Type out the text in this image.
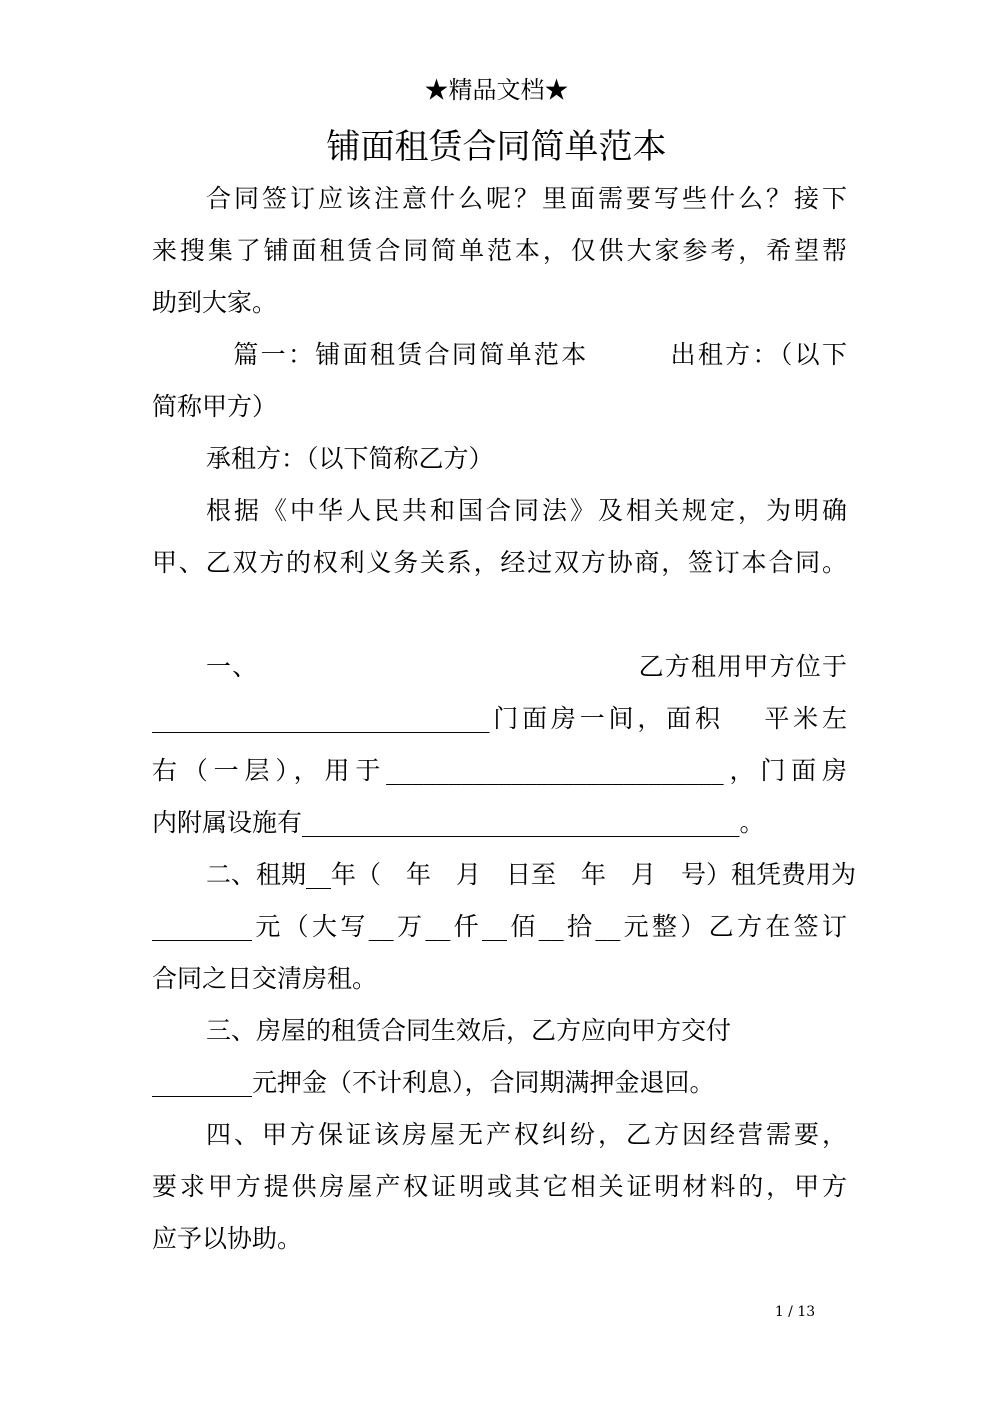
★精品文档★
铺面租赁合同简单范本
合同签订应该注意什么呢？里面需要写些什么？接下
来搜集了铺面租赁合同简单范本，仅供大家参考，希望帮
助到大家。
　篇一：铺面租赁合同简单范本　　　出租方：（以下
简称甲方）
承租方：（以下简称乙方）
根据《中华人民共和国合同法》及相关规定，为明确
甲、乙双方的权利义务关系，经过双方协商，签订本合同。
一、　　　　　　　　　　　　　　　乙方租用甲方位于
___________________________门面房一间，面积　 平米左
右（一层），用于___________________________，门面房
内附属设施有___________________________________。
二、租期__年（　年　月　日至　年　月　号）租凭费用为
________元（大写__万__仟__佰__拾__元整）乙方在签订
合同之日交清房租。
三、房屋的租赁合同生效后，乙方应向甲方交付
________元押金（不计利息），合同期满押金退回。
四、甲方保证该房屋无产权纠纷，乙方因经营需要，
要求甲方提供房屋产权证明或其它相关证明材料的，甲方
应予以协助。
1 / 13
